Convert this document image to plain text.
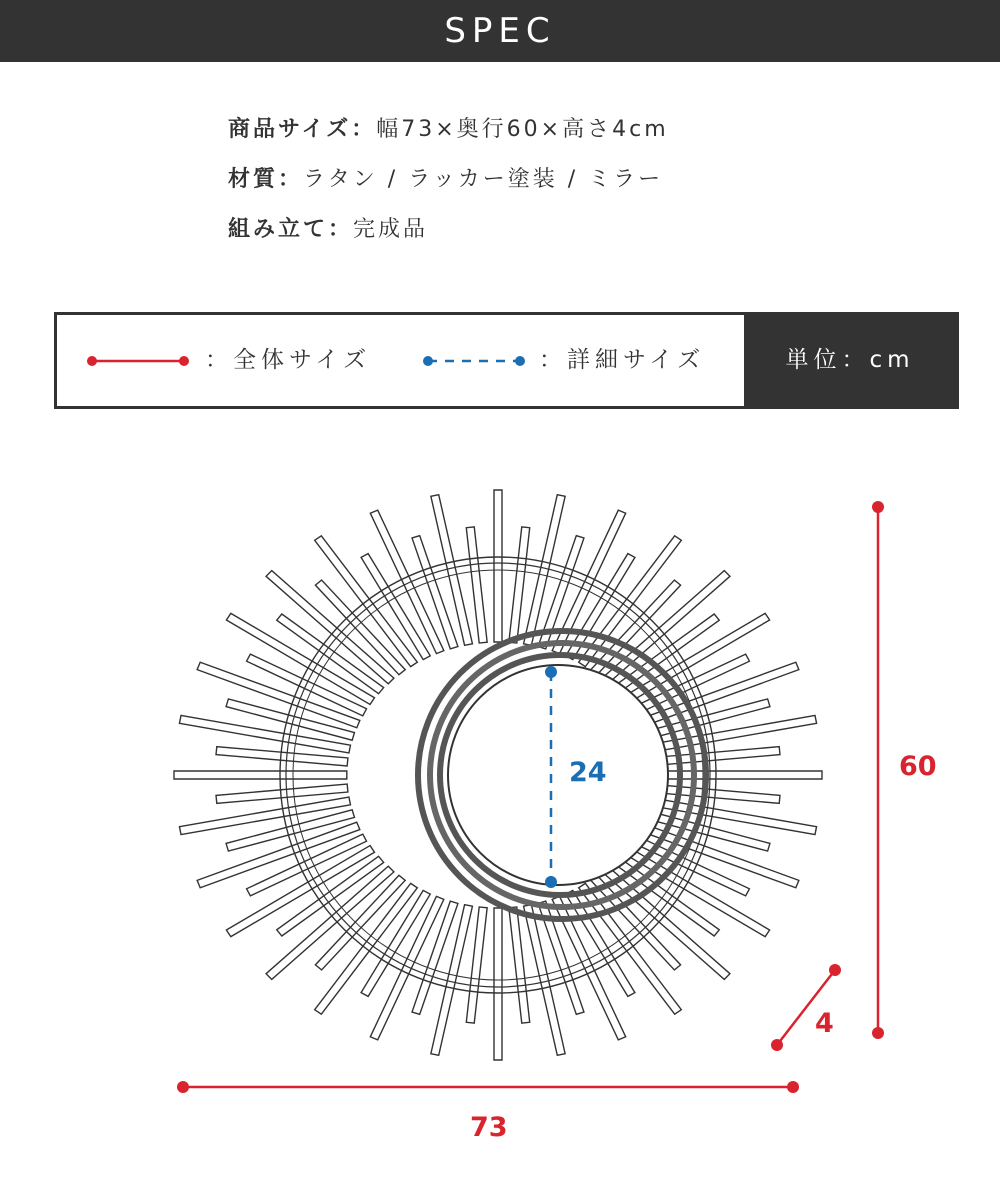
SPEC
商品サイズ：幅73×奥行60×高さ4cm
材質：ラタン / ラッカー塗装 / ミラー
組み立て：完成品
：全体サイズ	：詳細サイズ	単位：cm
24	60
4
73
